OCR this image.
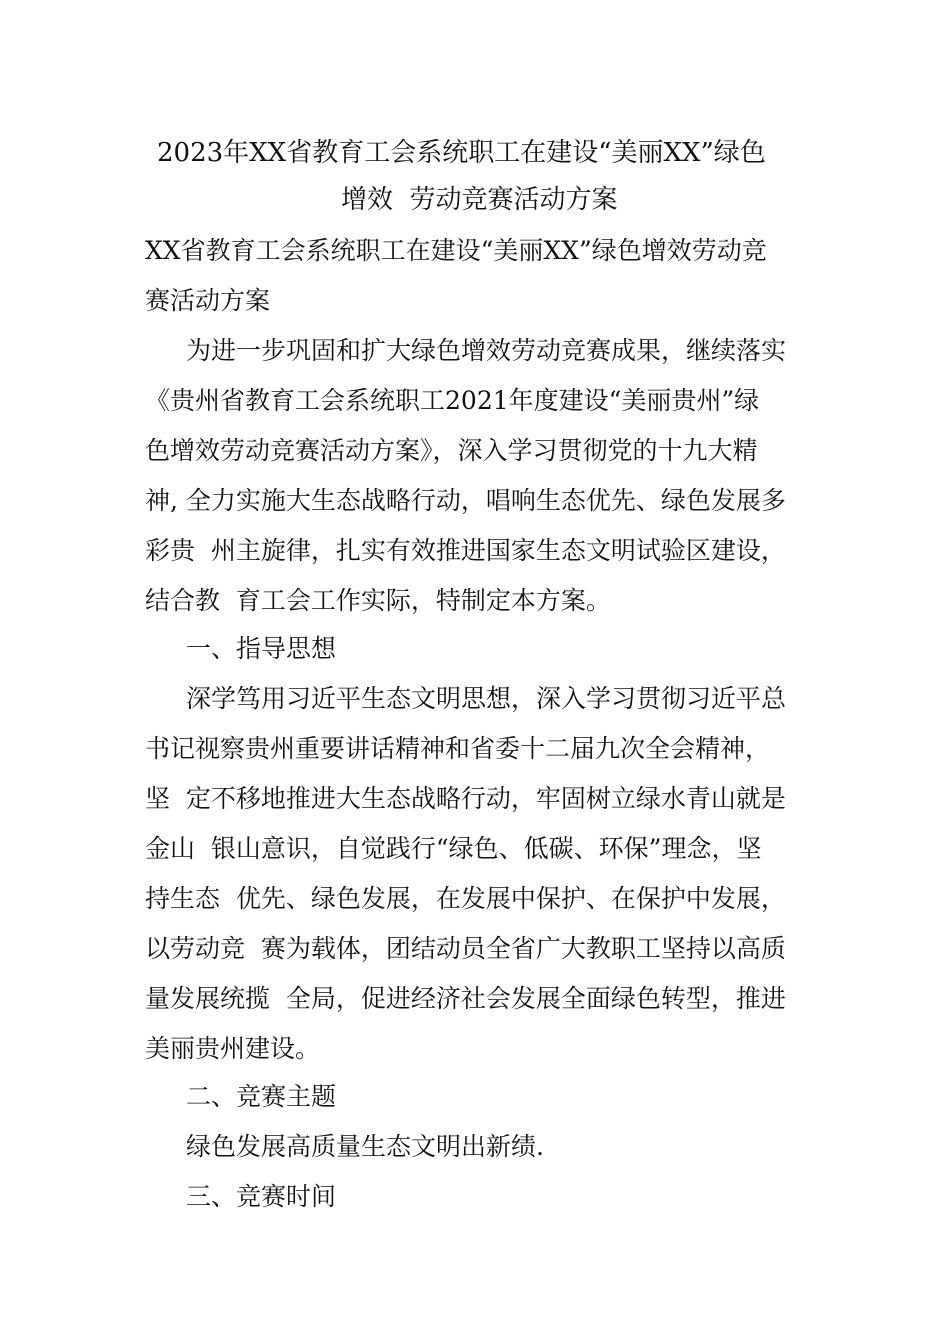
2023年XX省教育工会系统职工在建设“美丽XX”绿色
增效  劳动竞赛活动方案
XX省教育工会系统职工在建设“美丽XX”绿色增效劳动竞
赛活动方案
为进一步巩固和扩大绿色增效劳动竞赛成果，继续落实
《贵州省教育工会系统职工2021年度建设“美丽贵州”绿
色增效劳动竞赛活动方案》，深入学习贯彻党的十九大精
神, 全力实施大生态战略行动，唱响生态优先、绿色发展多
彩贵  州主旋律，扎实有效推进国家生态文明试验区建设，
结合教  育工会工作实际，特制定本方案。
一、指导思想
深学笃用习近平生态文明思想，深入学习贯彻习近平总
书记视察贵州重要讲话精神和省委十二届九次全会精神，
坚  定不移地推进大生态战略行动，牢固树立绿水青山就是
金山  银山意识，自觉践行“绿色、低碳、环保”理念，坚
持生态  优先、绿色发展，在发展中保护、在保护中发展，
以劳动竞  赛为载体，团结动员全省广大教职工坚持以高质
量发展统揽  全局，促进经济社会发展全面绿色转型，推进
美丽贵州建设。
二、竞赛主题
绿色发展高质量生态文明出新绩.
三、竞赛时间
